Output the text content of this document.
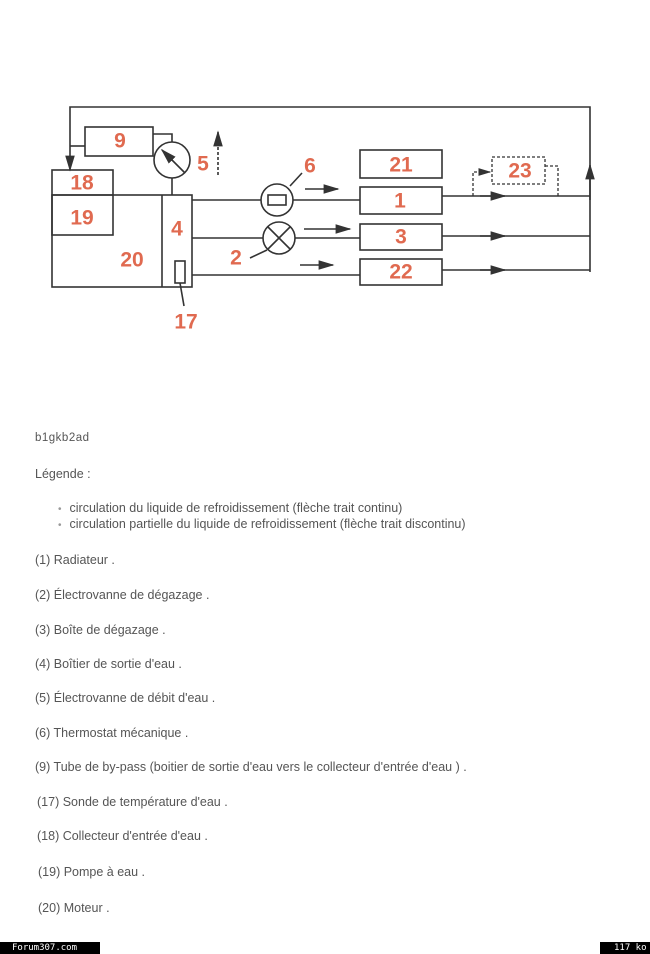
9
5	6
18
19
20
4
2
17
21
1
3
22
23
b1gkb2ad
Légende :
• circulation du liquide de refroidissement (flèche trait continu)
• circulation partielle du liquide de refroidissement (flèche trait discontinu)
(1) Radiateur .
(2) Électrovanne de dégazage .
(3) Boîte de dégazage .
(4) Boîtier de sortie d'eau .
(5) Électrovanne de débit d'eau .
(6) Thermostat mécanique .
(9) Tube de by-pass (boitier de sortie d'eau vers le collecteur d'entrée d'eau ) .
(17) Sonde de température d'eau .
(18) Collecteur d'entrée d'eau .
(19) Pompe à eau .
(20) Moteur .
Forum307.com	117 ko
